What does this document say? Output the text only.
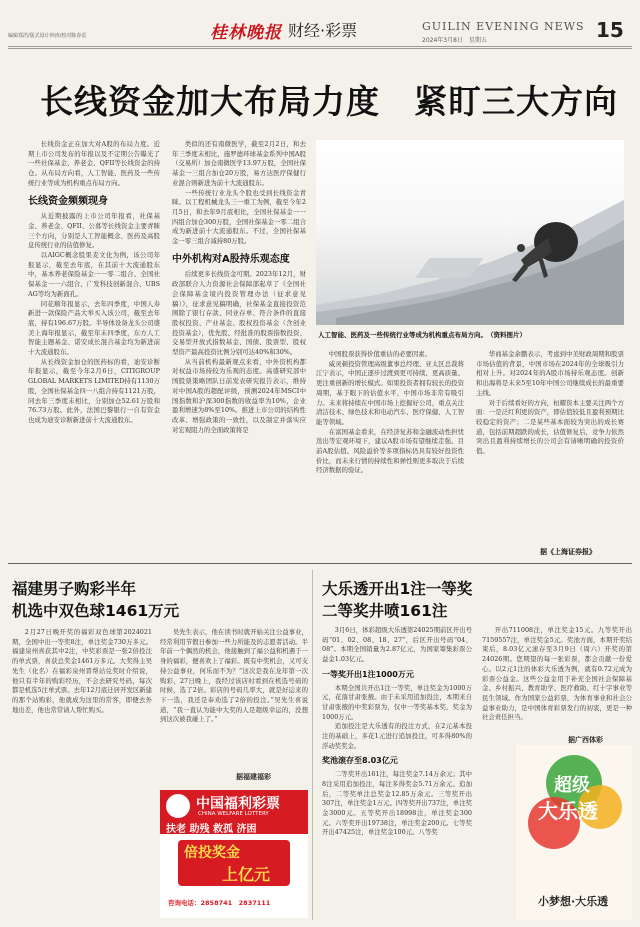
编辑郑浩/版式设计钟涛/校对陈春雷	桂林晚报 财经·彩票	GUILIN EVENING NEWS
2024年3月8日　星期五	15
长线资金加大布局力度　紧盯三大方向

长线资金正在加大对A股的布局力度。近期上市公司发布的年报以及不定期公告曝光了一些社保基金、养老金、QFII等长线资金的持仓。从布局方向看，人工智能、医药及一些传统行业等成为机构重点布局方向。

长线资金频频现身

从近期披露的上市公司年报看，社保基金、养老金、QFII、公募等长线资金主要青睐三个方向，分别是人工智能概念、医药及高股息传统行业的估值修复。

以AIGC概念股果麦文化为例，该公司年报显示，截至去年底，在其前十大流通股东中，基本养老保险基金一一零二组合、全国社保基金一一六组合、广发科技创新混合、UBS AG等均为新面孔。

同花顺年报显示，去年四季度，中国人寿新进一款保险产品大举买入该公司，截至去年底，持有196.67万股。半导体设备龙头公司盛美上海年报显示，截至年末四季度，东方人工智能主题基金、诺安成长混合基金均为新进前十大流通股东。

从长线资金加仓的医药标的看，迪安诊断年报显示，截至今年2月6日，CITIGROUP GLOBAL MARKETS LIMITED持有1130万股，全国社保基金四一八组合持有1121万股，同去年三季度末相比，分别加仓52.61万股和76.73万股。此外，法国巴黎银行一自有资金也成为迪安诊断新进前十大流通股东。

类似的还有南微医学，截至2月2日，和去年三季度末相比，施罗德环球基金系列中国A股（交易所）加仓南微医学13.97万股，全国社保基金一三组合加仓20万股，易方达医疗保健行业混合则新进为前十大流通股东。

一些传统行业龙头个股也受到长线资金青睐。以工程机械龙头三一重工为例，截至今年2月5日，和去年9月底相比，全国社保基金一一四组合加仓300万股，全国社保基金一零二组合成为新进前十大流通股东。不过，全国社保基金一零三组合减持80万股。

中外机构对A股持乐观态度

后续更多长线资金可期。2023年12月，财政部联合人力资源社会保障部起草了《全国社会保障基金境内投资管理办法（征求意见稿）》，征求意见稿明确，社保基金直接投资范围除了银行存款、同业存单、符合条件的直接股权投资、产业基金、股权投资基金（含创业投资基金），优先股、经批准的股票指数投资、交易型开放式指数基金、国债、股票型、股权型资产最高投资比例分别可达40%和30%。

从当前机构最新观点来看，中外资机构都对权益市场持较为乐观的态度。高盛研究部中国股票策略团队日前发表研究报告表示，维持对中国A股的超配评级，预测2024年MSCI中国指数和沪深300指数的收益率为10%，企业盈利增速为8%至10%。推进上市公司的结构性改革、增强政策的一致性，以及制定并落实应对宏观阻力的全面政策将是

人工智能、医药及一些传统行业等成为机构重点布局方向。　（资料图片）

中国股票获得价值重估的必要因素。

威灵顿投资管理高级董事总经理、亚太区总裁蒋江宁表示，中国正逐步过渡到更可持续、更高质量、更注重创新的增长模式。如果投资者拥有较长的投资周期，基于眼下的估值水平，中国市场非常有吸引力。未来将持续在中国市场上挖掘好公司，重点关注清洁技术、绿色技术和电动汽车、医疗保健、人工智能等领域。

在富国基金看来，在经济复苏和金融流动性担忧迭出等宏观环境下，建议A股市场有望继续走强。目前A股估值、风险溢价等多项指标仍具有较好投资性价比，而未来行情的持续性和弹性则更多取决于后续经济数据的验证。

华商基金余鹏表示，考虑到中美财政周期和股票市场估值的背景，中国市场在2024年的全球吸引力相对上升。对2024年的A股市场持乐观态度。创新和出海将是未来5至10年中国公司继续成长的最重要主线。

对于后续看好的方向，桓耀资本主要关注两个方面：一是泛红利更的资产，即估值较低且盈利预期比较稳定的资产；二是某些基本面较为突出的成长赛道，包括前期超跌的成长，估值修复后，竞争力依然突出且盈利持续增长的公司会有请晰明确的投资价值。

据《上海证券报》
福建男子购彩半年
机选中双色球1461万元

2月27日晚开奖的福彩双色球第2024021期，全国中出一等奖8注，单注奖金730万多元。福建泉州喜获其中2注，中奖彩票是一张2倍投注的单式票，喜获总奖金1461万多元。大奖得主吴先生（化名）在福彩泉州晋帮站兑奖时介绍说，他只有半年的购彩经历，不会去研究号码，每次都是机选5注单式票。去年12月底迁居开发区新建的那个站购彩，他就成为这里的常客，即便去外地出差，他也常常请人帮忙购买。

吴先生表示，他在读书时就开始关注公益事业，经常利用节假日参加一些力所能及的志愿者活动。半年前一个偶然的机会，他接触到了福公益和机遇于一身的福彩，便喜欢上了福彩。既有中奖机会，又可支持公益事业，何乐而不为？“这次是我在龙年第一次购彩，27日晚上，我经过该店时看到在机选号码的时候，选了2倍。彩店的号码几率大，就是好运来的下一选，我还是奉劝选了2倍的投注。”吴先生喜说道，“我一直认为能中大奖的人是超级幸运的，没想到这次被我碰上了。”

据福建福彩
中国福利彩票
CHINA WELFARE LOTTERY
扶老 助残 救孤 济困
倍投奖金
上亿元
咨询电话：2858741　2837111
大乐透开出1注一等奖
二等奖井喷161注

3月6日，体彩超级大乐透第24025期前区开出号码“01、02、08、18、27”，后区开出号码“04、08”。本期全国销量为2.87亿元，为国家筹集彩票公益金1.03亿元。

一等奖开出1注1000万元

本期全国共开出1注一等奖，单注奖金为1000万元，花落甘肃张掖。由于未采用追加投注，本期来自甘肃张掖的中奖彩票为，仅中一等奖基本奖，奖金为1000万元。

追加投注是大乐透有的投注方式，在2元基本投注的基础上，多花1元进行追加投注，可多得80%的浮动奖奖金。

奖池滚存至8.03亿元

二等奖开出161注，每注奖金7.14万余元；其中8注采用追加投注，每注多得奖金5.71万余元。追加后，二等奖单注总奖金12.85万余元。三等奖开出307注，单注奖金1万元。四等奖开出737注，单注奖金3000元。五等奖开出18998注，单注奖金300元。六等奖开出19738注，单注奖金200元。七等奖开出47425注，单注奖金100元。八等奖

开出711008注，单注奖金15元。九等奖开出7159557注，单注奖金5元。奖池方面，本期开奖结束后，8.03亿元滚存至3月9日（周六）开奖的第24026期。您期望的每一张彩票，都会贡献一份爱心。以2元1注的体彩大乐透为例，就有0.72元成为彩票公益金。这些公益金用于补充全国社会保障基金、乡村振兴、教育助学、医疗救助、红十字事业等民生领域。作为国家公益彩票，为体育事业和社会公益事业助力，是中国体育彩票发行的初衷，更是一种社会责任担当。

据广西体彩
超级
大乐透
小梦想·大乐透
